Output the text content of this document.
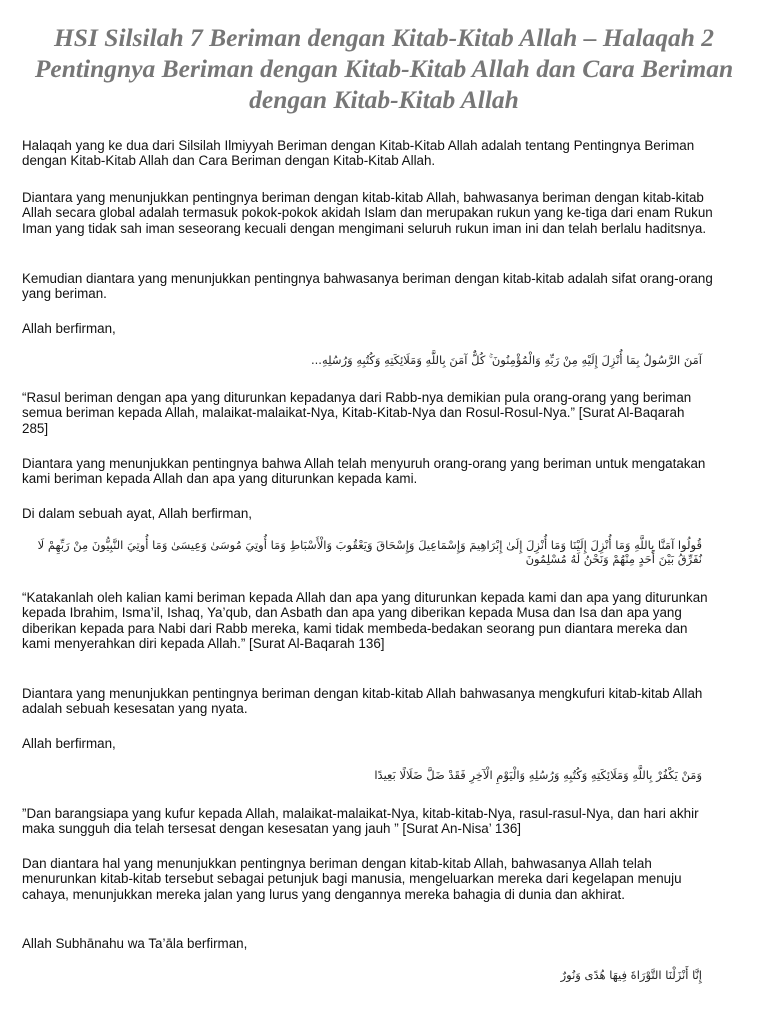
HSI Silsilah 7 Beriman dengan Kitab-Kitab Allah – Halaqah 2 Pentingnya Beriman dengan Kitab-Kitab Allah dan Cara Beriman dengan Kitab-Kitab Allah

Halaqah yang ke dua dari Silsilah Ilmiyyah Beriman dengan Kitab-Kitab Allah adalah tentang Pentingnya Beriman dengan Kitab-Kitab Allah dan Cara Beriman dengan Kitab-Kitab Allah.

Diantara yang menunjukkan pentingnya beriman dengan kitab-kitab Allah, bahwasanya beriman dengan kitab-kitab Allah secara global adalah termasuk pokok-pokok akidah Islam dan merupakan rukun yang ke-tiga dari enam Rukun Iman yang tidak sah iman seseorang kecuali dengan mengimani seluruh rukun iman ini dan telah berlalu haditsnya.

Kemudian diantara yang menunjukkan pentingnya bahwasanya beriman dengan kitab-kitab adalah sifat orang-orang yang beriman.

Allah berfirman,

آمَنَ الرَّسُولُ بِمَا أُنْزِلَ إِلَيْهِ مِنْ رَبِّهِ وَالْمُؤْمِنُونَ ۚ كُلٌّ آمَنَ بِاللَّهِ وَمَلَائِكَتِهِ وَكُتُبِهِ وَرُسُلِهِ...

“Rasul beriman dengan apa yang diturunkan kepadanya dari Rabb-nya demikian pula orang-orang yang beriman semua beriman kepada Allah, malaikat-malaikat-Nya, Kitab-Kitab-Nya dan Rosul-Rosul-Nya.” [Surat Al-Baqarah 285]

Diantara yang menunjukkan pentingnya bahwa Allah telah menyuruh orang-orang yang beriman untuk mengatakan kami beriman kepada Allah dan apa yang diturunkan kepada kami.

Di dalam sebuah ayat, Allah berfirman,

قُولُوا آمَنَّا بِاللَّهِ وَمَا أُنْزِلَ إِلَيْنَا وَمَا أُنْزِلَ إِلَىٰ إِبْرَاهِيمَ وَإِسْمَاعِيلَ وَإِسْحَاقَ وَيَعْقُوبَ وَالْأَسْبَاطِ وَمَا أُوتِيَ مُوسَىٰ وَعِيسَىٰ وَمَا أُوتِيَ النَّبِيُّونَ مِنْ رَبِّهِمْ لَا نُفَرِّقُ بَيْنَ أَحَدٍ مِنْهُمْ وَنَحْنُ لَهُ مُسْلِمُونَ

“Katakanlah oleh kalian kami beriman kepada Allah dan apa yang diturunkan kepada kami dan apa yang diturunkan kepada Ibrahim, Isma’il, Ishaq, Ya’qub, dan Asbath dan apa yang diberikan kepada Musa dan Isa dan apa yang diberikan kepada para Nabi dari Rabb mereka, kami tidak membeda-bedakan seorang pun diantara mereka dan kami menyerahkan diri kepada Allah.” [Surat Al-Baqarah 136]

Diantara yang menunjukkan pentingnya beriman dengan kitab-kitab Allah bahwasanya mengkufuri kitab-kitab Allah adalah sebuah kesesatan yang nyata.

Allah berfirman,

وَمَنْ يَكْفُرْ بِاللَّهِ وَمَلَائِكَتِهِ وَكُتُبِهِ وَرُسُلِهِ وَالْيَوْمِ الْآخِرِ فَقَدْ ضَلَّ ضَلَالًا بَعِيدًا

”Dan barangsiapa yang kufur kepada Allah, malaikat-malaikat-Nya, kitab-kitab-Nya, rasul-rasul-Nya, dan hari akhir maka sungguh dia telah tersesat dengan kesesatan yang jauh ” [Surat An-Nisa’ 136]

Dan diantara hal yang menunjukkan pentingnya beriman dengan kitab-kitab Allah, bahwasanya Allah telah menurunkan kitab-kitab tersebut sebagai petunjuk bagi manusia, mengeluarkan mereka dari kegelapan menuju cahaya, menunjukkan mereka jalan yang lurus yang dengannya mereka bahagia di dunia dan akhirat.

Allah Subhānahu wa Ta’āla berfirman,

إِنَّا أَنْزَلْنَا التَّوْرَاةَ فِيهَا هُدًى وَنُورٌ
